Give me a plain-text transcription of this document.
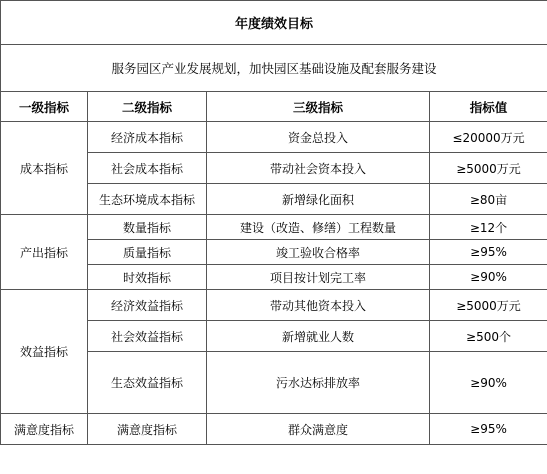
年度绩效目标			
服务园区产业发展规划，加快园区基础设施及配套服务建设			
一级指标	二级指标	三级指标	指标值
成本指标	经济成本指标	资金总投入	≤20000万元
	社会成本指标	带动社会资本投入	≥5000万元
	生态环境成本指标	新增绿化面积	≥80亩
产出指标	数量指标	建设（改造、修缮）工程数量	≥12个
	质量指标	竣工验收合格率	≥95%
	时效指标	项目按计划完工率	≥90%
效益指标	经济效益指标	带动其他资本投入	≥5000万元
	社会效益指标	新增就业人数	≥500个
	生态效益指标	污水达标排放率	≥90%
满意度指标	满意度指标	群众满意度	≥95%
